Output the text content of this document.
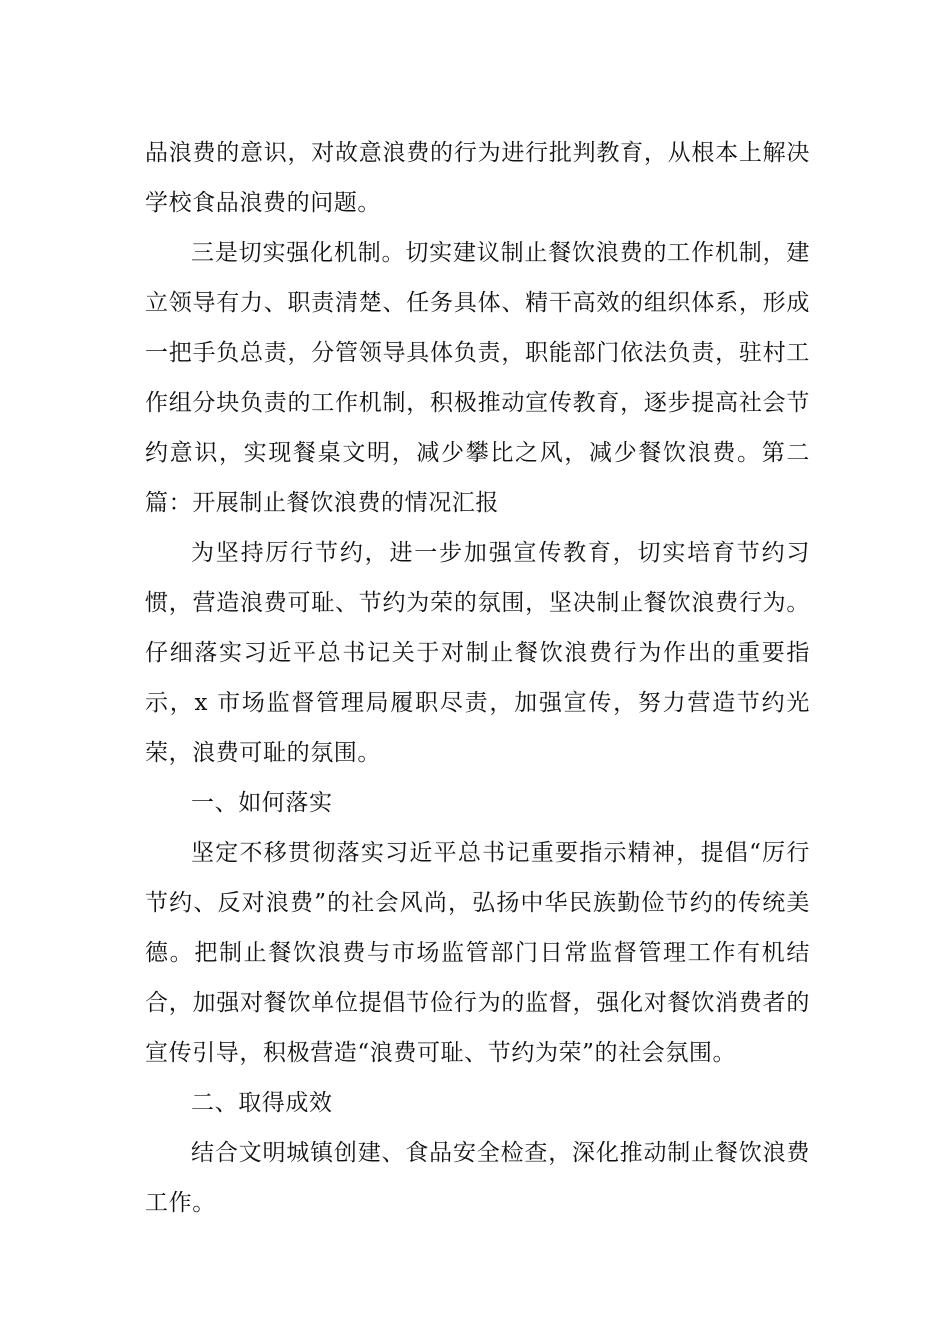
品浪费的意识，对故意浪费的行为进行批判教育，从根本上解决学校食品浪费的问题。

三是切实强化机制。切实建议制止餐饮浪费的工作机制，建立领导有力、职责清楚、任务具体、精干高效的组织体系，形成一把手负总责，分管领导具体负责，职能部门依法负责，驻村工作组分块负责的工作机制，积极推动宣传教育，逐步提高社会节约意识，实现餐桌文明，减少攀比之风，减少餐饮浪费。第二篇：开展制止餐饮浪费的情况汇报

为坚持厉行节约，进一步加强宣传教育，切实培育节约习惯，营造浪费可耻、节约为荣的氛围，坚决制止餐饮浪费行为。仔细落实习近平总书记关于对制止餐饮浪费行为作出的重要指示，x 市场监督管理局履职尽责，加强宣传，努力营造节约光荣，浪费可耻的氛围。

一、如何落实

坚定不移贯彻落实习近平总书记重要指示精神，提倡“厉行节约、反对浪费”的社会风尚，弘扬中华民族勤俭节约的传统美德。把制止餐饮浪费与市场监管部门日常监督管理工作有机结合，加强对餐饮单位提倡节俭行为的监督，强化对餐饮消费者的宣传引导，积极营造“浪费可耻、节约为荣”的社会氛围。

二、取得成效

结合文明城镇创建、食品安全检查，深化推动制止餐饮浪费工作。
